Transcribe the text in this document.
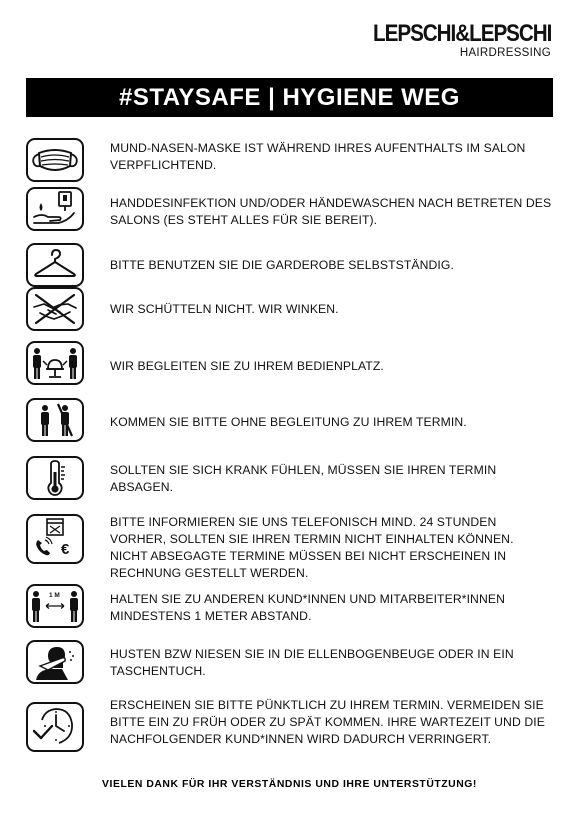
LEPSCHI&LEPSCHI
HAIRDRESSING
#STAYSAFE | HYGIENE WEG
MUND-NASEN-MASKE IST WÄHREND IHRES AUFENTHALTS IM SALON VERPFLICHTEND.
HANDDESINFEKTION UND/ODER HÄNDEWASCHEN NACH BETRETEN DES SALONS (ES STEHT ALLES FÜR SIE BEREIT).
BITTE BENUTZEN SIE DIE GARDEROBE SELBSTSTÄNDIG.
WIR SCHÜTTELN NICHT. WIR WINKEN.
WIR BEGLEITEN SIE ZU IHREM BEDIENPLATZ.
KOMMEN SIE BITTE OHNE BEGLEITUNG ZU IHREM TERMIN.
SOLLTEN SIE SICH KRANK FÜHLEN, MÜSSEN SIE IHREN TERMIN ABSAGEN.
€
BITTE INFORMIEREN SIE UNS TELEFONISCH MIND. 24 STUNDEN VORHER, SOLLTEN SIE IHREN TERMIN NICHT EINHALTEN KÖNNEN. NICHT ABSEGAGTE TERMINE MÜSSEN BEI NICHT ERSCHEINEN IN RECHNUNG GESTELLT WERDEN.
1 M	HALTEN SIE ZU ANDEREN KUND*INNEN UND MITARBEITER*INNEN MINDESTENS 1 METER ABSTAND.
HUSTEN BZW NIESEN SIE IN DIE ELLENBOGENBEUGE ODER IN EIN TASCHENTUCH.
ERSCHEINEN SIE BITTE PÜNKTLICH ZU IHREM TERMIN. VERMEIDEN SIE BITTE EIN ZU FRÜH ODER ZU SPÄT KOMMEN. IHRE WARTEZEIT UND DIE NACHFOLGENDER KUND*INNEN WIRD DADURCH VERRINGERT.
VIELEN DANK FÜR IHR VERSTÄNDNIS UND IHRE UNTERSTÜTZUNG!
